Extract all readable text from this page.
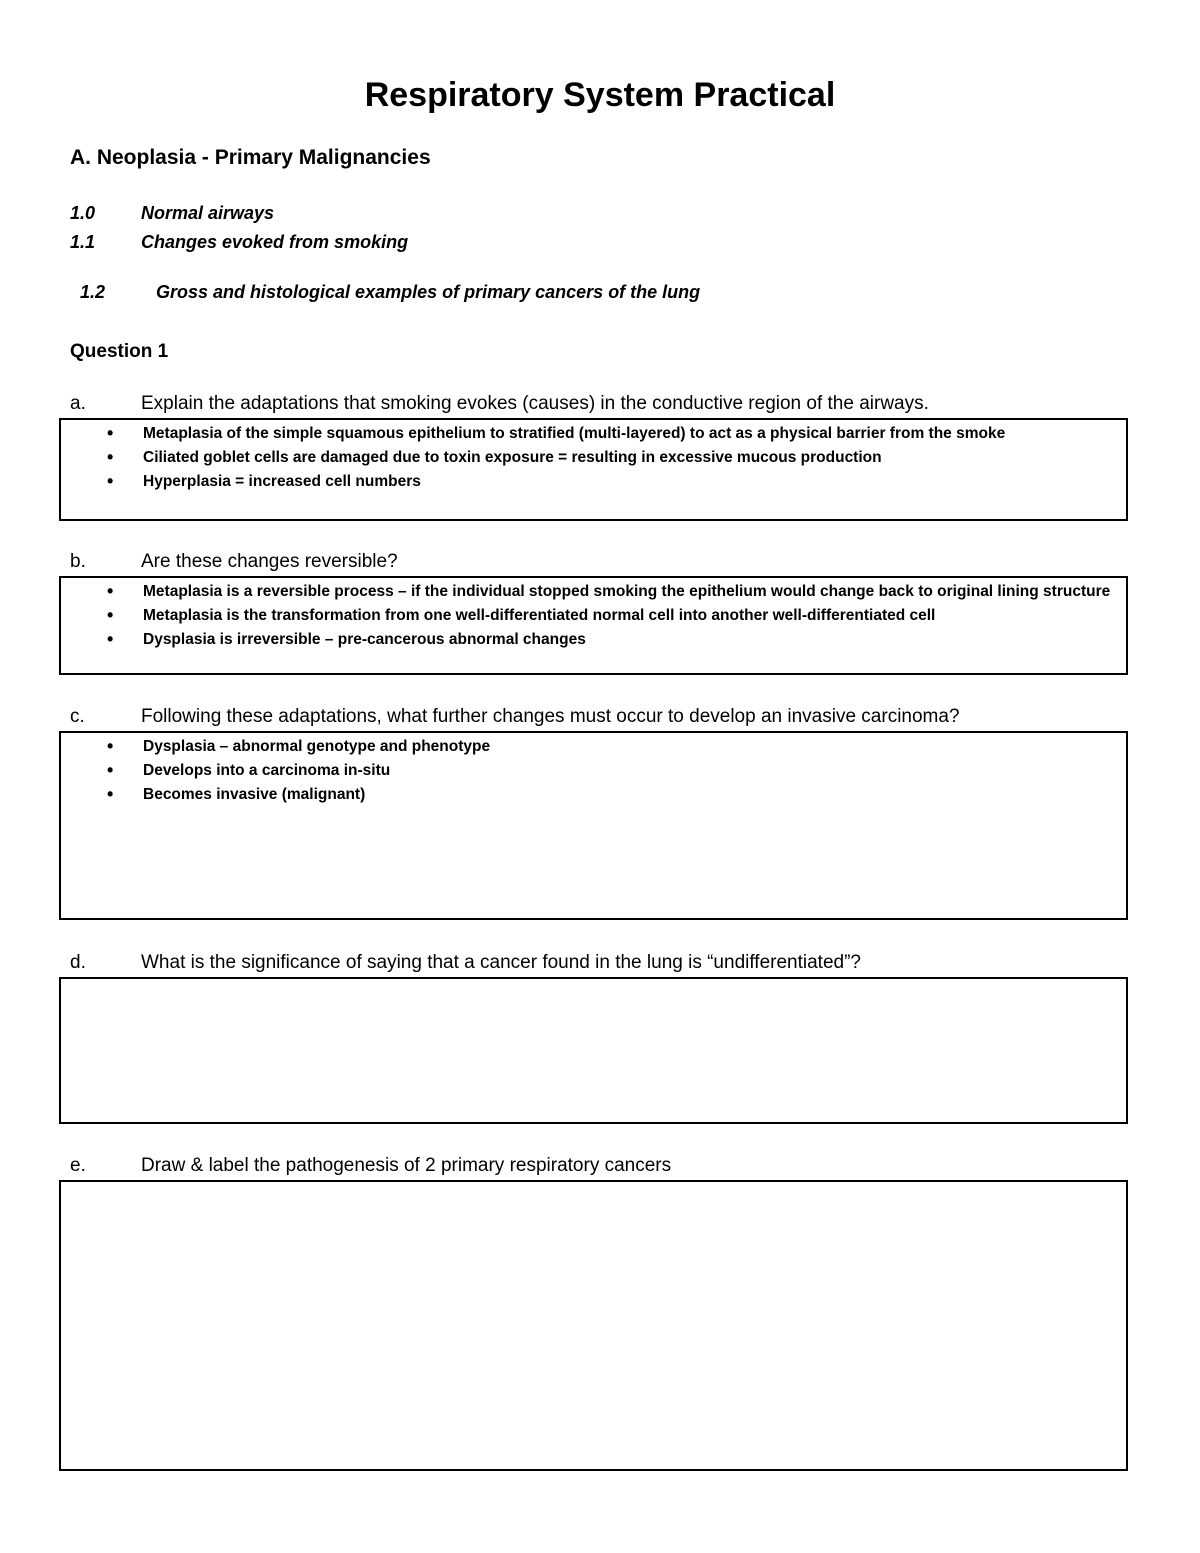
Respiratory System Practical
A. Neoplasia - Primary Malignancies
1.0	Normal airways
1.1	Changes evoked from smoking

1.2	Gross and histological examples of primary cancers of the lung

Question 1
a.	Explain the adaptations that smoking evokes (causes) in the conductive region of the airways.
• Metaplasia of the simple squamous epithelium to stratified (multi-layered) to act as a physical barrier from the smoke
• Ciliated goblet cells are damaged due to toxin exposure = resulting in excessive mucous production
• Hyperplasia = increased cell numbers
b.	Are these changes reversible?
• Metaplasia is a reversible process – if the individual stopped smoking the epithelium would change back to original lining structure
• Metaplasia is the transformation from one well-differentiated normal cell into another well-differentiated cell
• Dysplasia is irreversible – pre-cancerous abnormal changes
c.	Following these adaptations, what further changes must occur to develop an invasive carcinoma?
• Dysplasia – abnormal genotype and phenotype
• Develops into a carcinoma in-situ
• Becomes invasive (malignant)
d.	What is the significance of saying that a cancer found in the lung is “undifferentiated”?
e.	Draw & label the pathogenesis of 2 primary respiratory cancers
